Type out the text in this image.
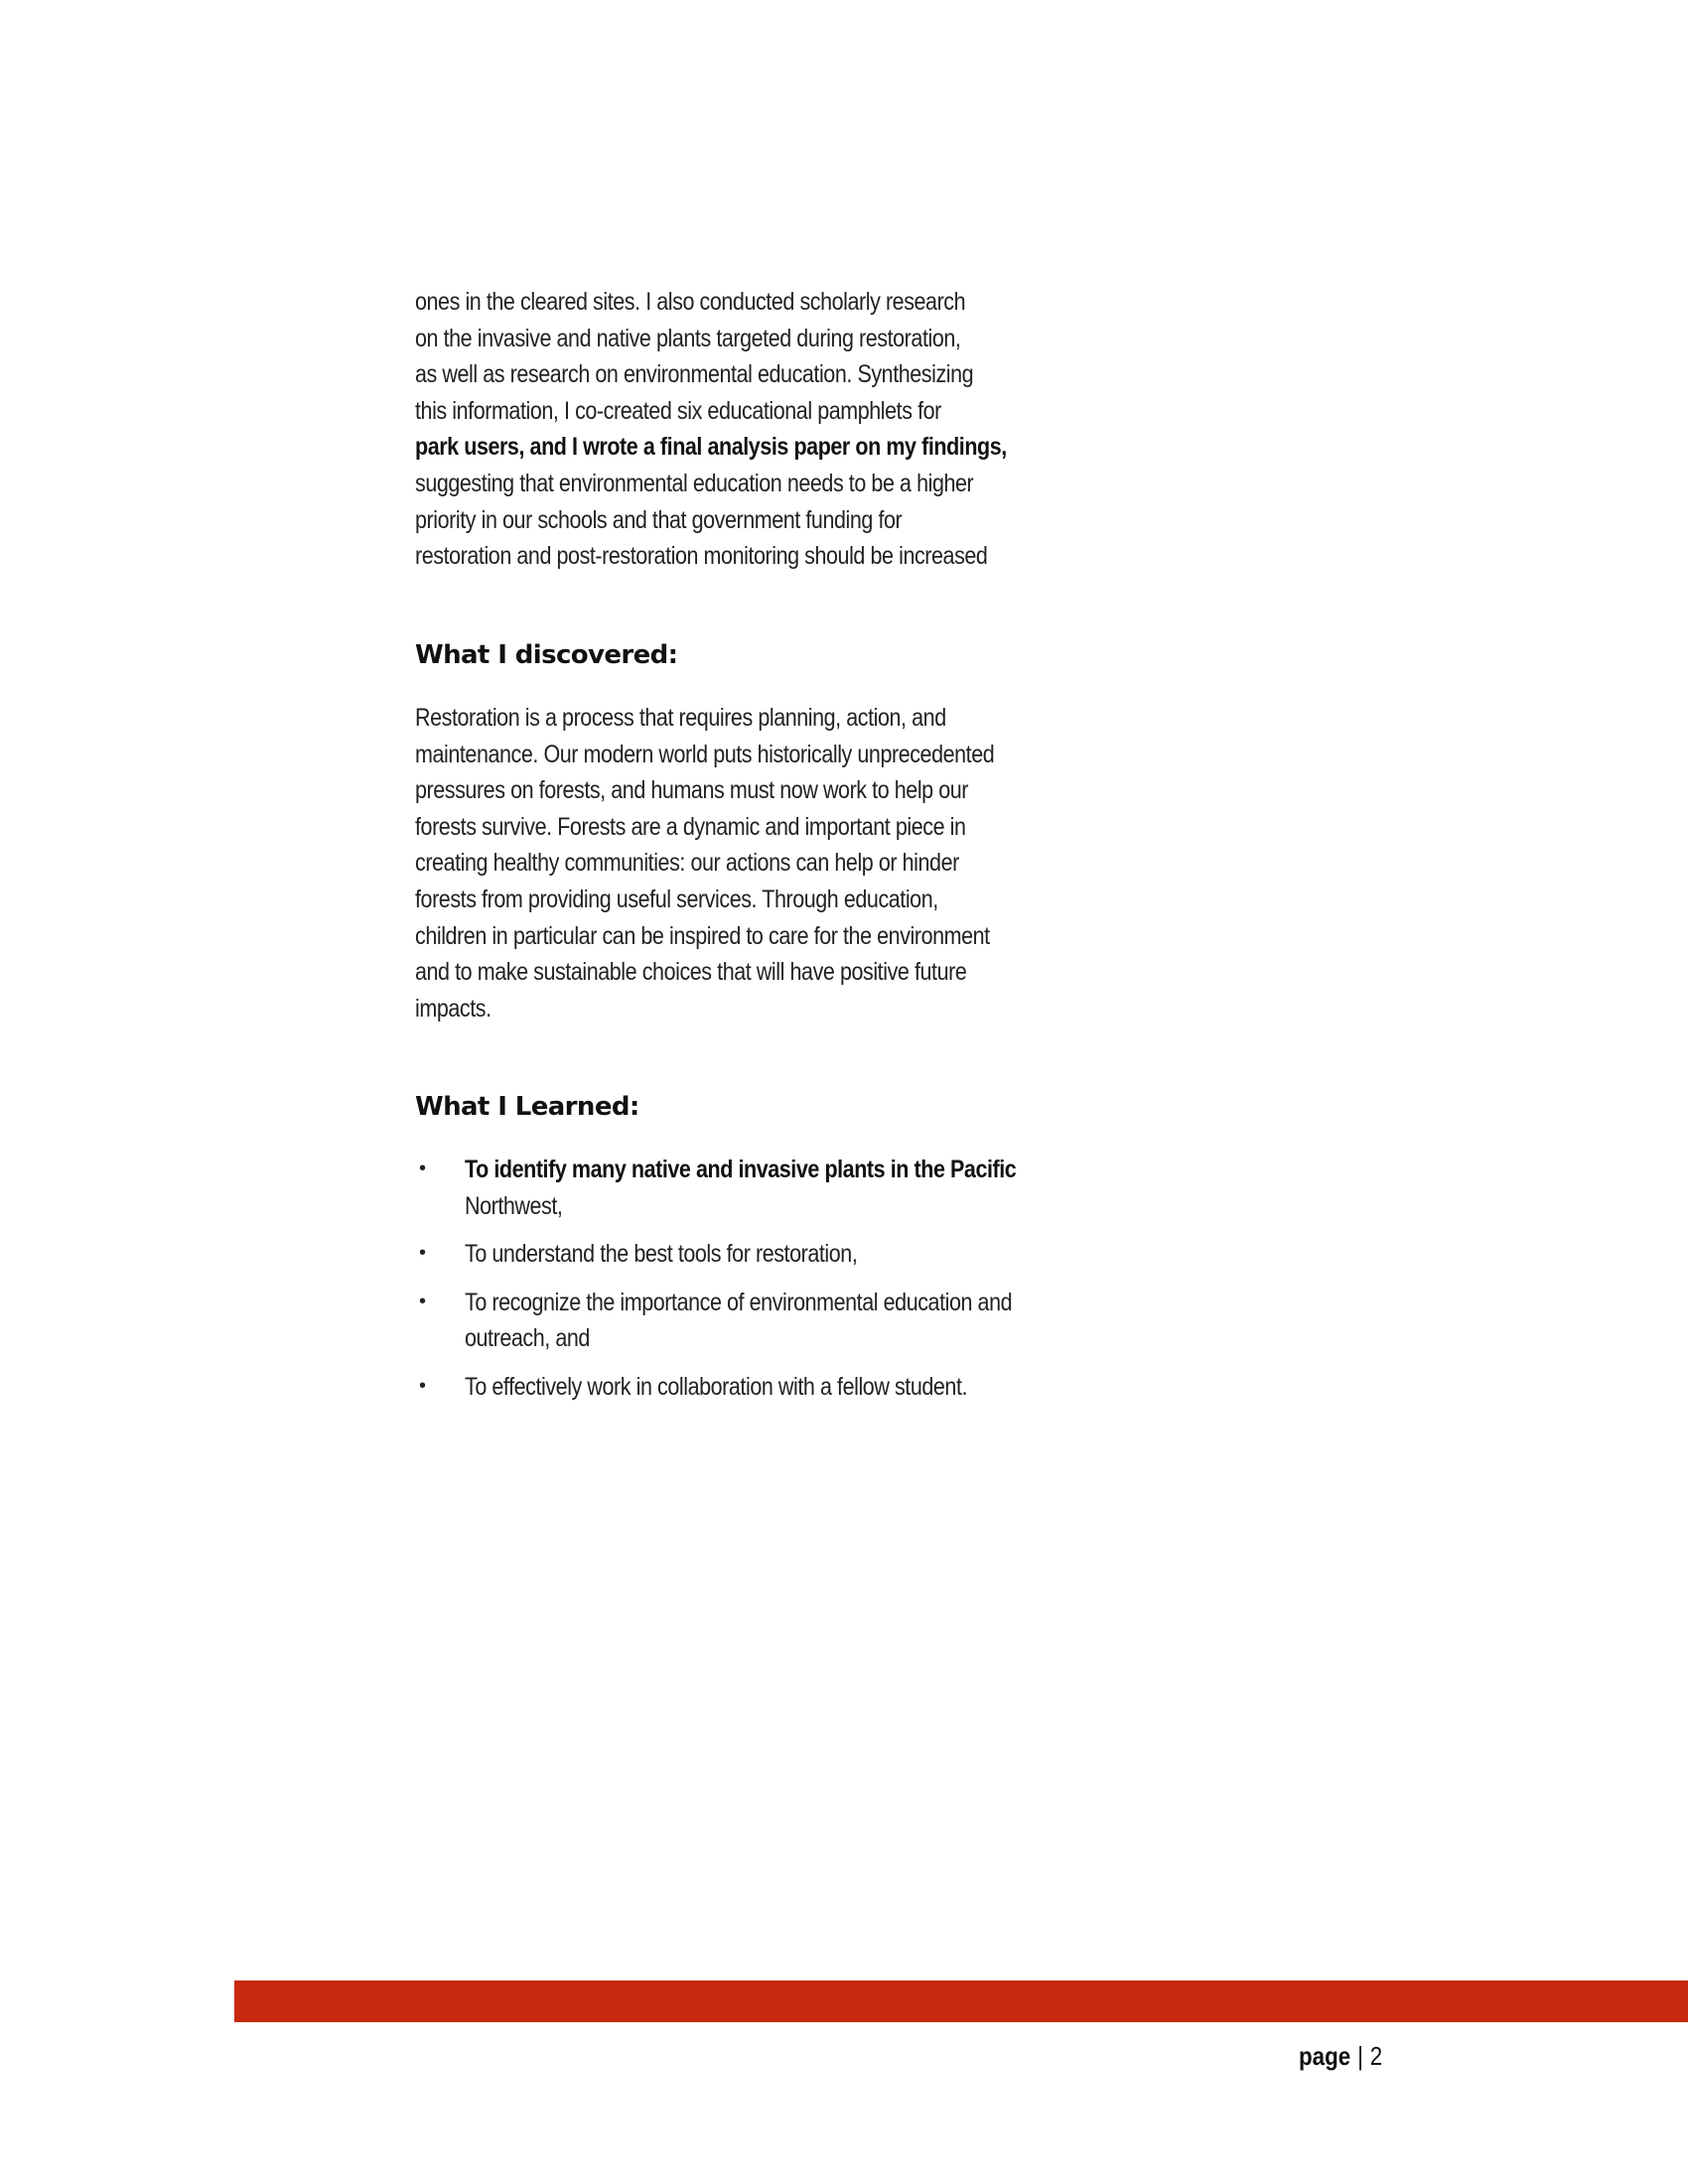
ones in the cleared sites. I also conducted scholarly research
on the invasive and native plants targeted during restoration,
as well as research on environmental education. Synthesizing
this information, I co-created six educational pamphlets for
park users, and I wrote a final analysis paper on my findings,
suggesting that environmental education needs to be a higher
priority in our schools and that government funding for
restoration and post-restoration monitoring should be increased
What I discovered:
Restoration is a process that requires planning, action, and
maintenance. Our modern world puts historically unprecedented
pressures on forests, and humans must now work to help our
forests survive. Forests are a dynamic and important piece in
creating healthy communities: our actions can help or hinder
forests from providing useful services. Through education,
children in particular can be inspired to care for the environment
and to make sustainable choices that will have positive future
impacts.
What I Learned:
• To identify many native and invasive plants in the Pacific
Northwest,
• To understand the best tools for restoration,
• To recognize the importance of environmental education and
outreach, and
• To effectively work in collaboration with a fellow student.
page | 2
